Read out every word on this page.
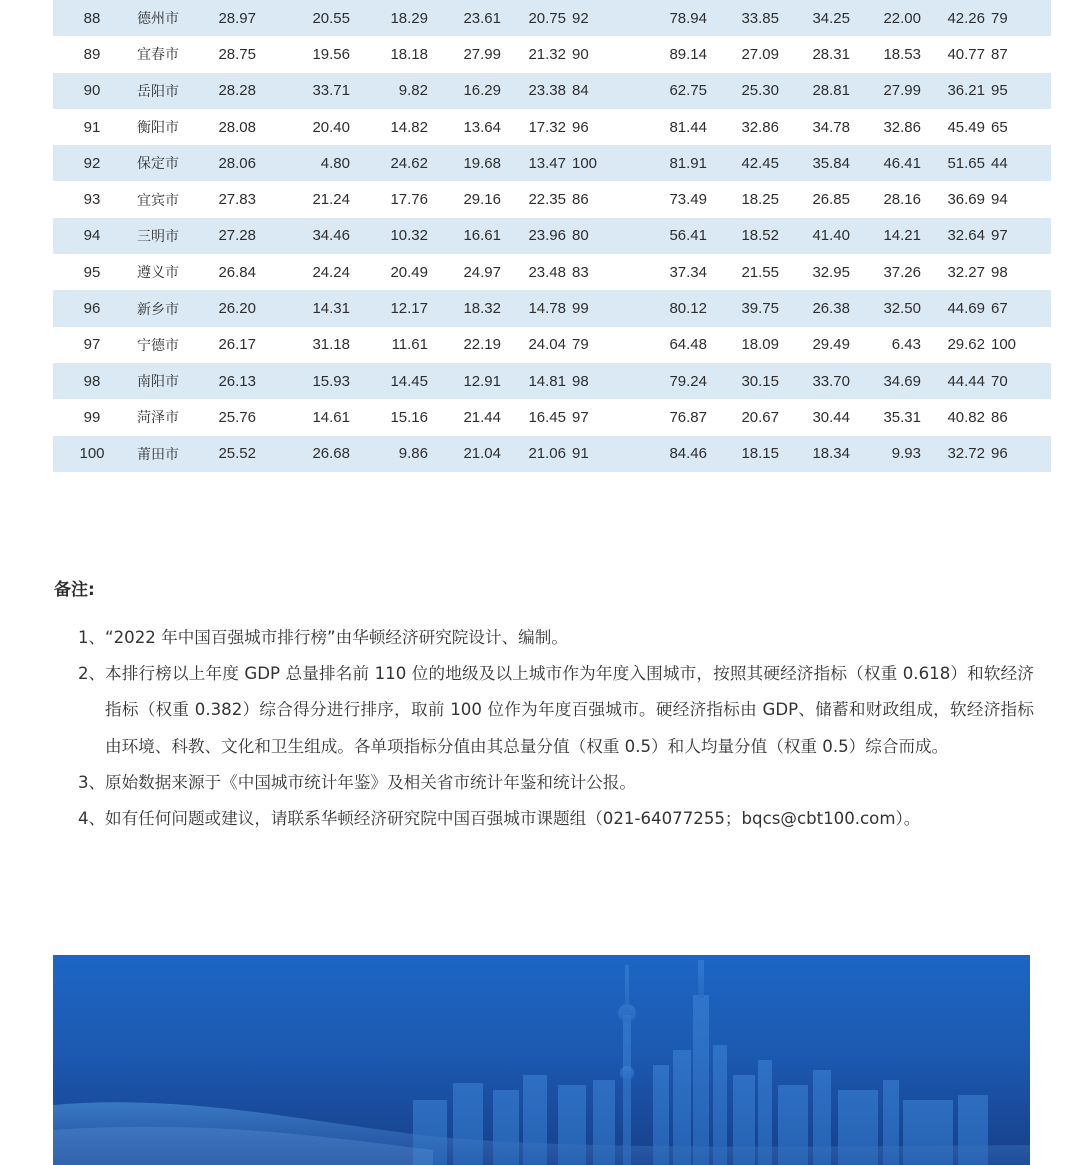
88	德州市	28.97	20.55	18.29	23.61	20.75	92	78.94	33.85	34.25	22.00	42.26	79
89	宜春市	28.75	19.56	18.18	27.99	21.32	90	89.14	27.09	28.31	18.53	40.77	87
90	岳阳市	28.28	33.71	9.82	16.29	23.38	84	62.75	25.30	28.81	27.99	36.21	95
91	衡阳市	28.08	20.40	14.82	13.64	17.32	96	81.44	32.86	34.78	32.86	45.49	65
92	保定市	28.06	4.80	24.62	19.68	13.47	100	81.91	42.45	35.84	46.41	51.65	44
93	宜宾市	27.83	21.24	17.76	29.16	22.35	86	73.49	18.25	26.85	28.16	36.69	94
94	三明市	27.28	34.46	10.32	16.61	23.96	80	56.41	18.52	41.40	14.21	32.64	97
95	遵义市	26.84	24.24	20.49	24.97	23.48	83	37.34	21.55	32.95	37.26	32.27	98
96	新乡市	26.20	14.31	12.17	18.32	14.78	99	80.12	39.75	26.38	32.50	44.69	67
97	宁德市	26.17	31.18	11.61	22.19	24.04	79	64.48	18.09	29.49	6.43	29.62	100
98	南阳市	26.13	15.93	14.45	12.91	14.81	98	79.24	30.15	33.70	34.69	44.44	70
99	菏泽市	25.76	14.61	15.16	21.44	16.45	97	76.87	20.67	30.44	35.31	40.82	86
100	莆田市	25.52	26.68	9.86	21.04	21.06	91	84.46	18.15	18.34	9.93	32.72	96
备注:
1、 “2022 年中国百强城市排行榜”由华顿经济研究院设计、编制。
2、 本排行榜以上年度 GDP 总量排名前 110 位的地级及以上城市作为年度入围城市，按照其硬经济指标（权重 0.618）和软经济指标（权重 0.382）综合得分进行排序，取前 100 位作为年度百强城市。硬经济指标由 GDP、储蓄和财政组成，软经济指标由环境、科教、文化和卫生组成。各单项指标分值由其总量分值（权重 0.5）和人均量分值（权重 0.5）综合而成。
3、 原始数据来源于《中国城市统计年鉴》及相关省市统计年鉴和统计公报。
4、 如有任何问题或建议，请联系华顿经济研究院中国百强城市课题组（021-64077255；bqcs@cbt100.com）。
